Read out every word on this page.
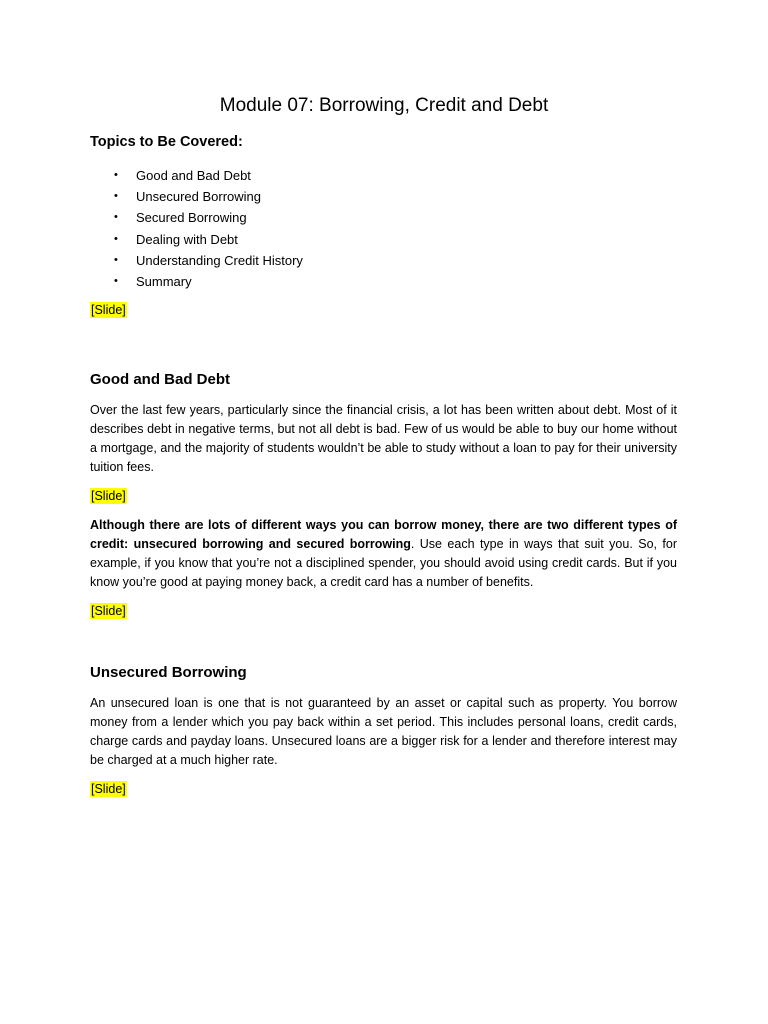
Module 07: Borrowing, Credit and Debt
Topics to Be Covered:
•	Good and Bad Debt
•	Unsecured Borrowing
•	Secured Borrowing
•	Dealing with Debt
•	Understanding Credit History
•	Summary
[Slide]
Good and Bad Debt

Over the last few years, particularly since the financial crisis, a lot has been written about debt. Most of it describes debt in negative terms, but not all debt is bad. Few of us would be able to buy our home without a mortgage, and the majority of students wouldn’t be able to study without a loan to pay for their university tuition fees.

[Slide]

Although there are lots of different ways you can borrow money, there are two different types of credit: unsecured borrowing and secured borrowing. Use each type in ways that suit you. So, for example, if you know that you’re not a disciplined spender, you should avoid using credit cards. But if you know you’re good at paying money back, a credit card has a number of benefits.

[Slide]
Unsecured Borrowing

An unsecured loan is one that is not guaranteed by an asset or capital such as property. You borrow money from a lender which you pay back within a set period. This includes personal loans, credit cards, charge cards and payday loans. Unsecured loans are a bigger risk for a lender and therefore interest may be charged at a much higher rate.

[Slide]
